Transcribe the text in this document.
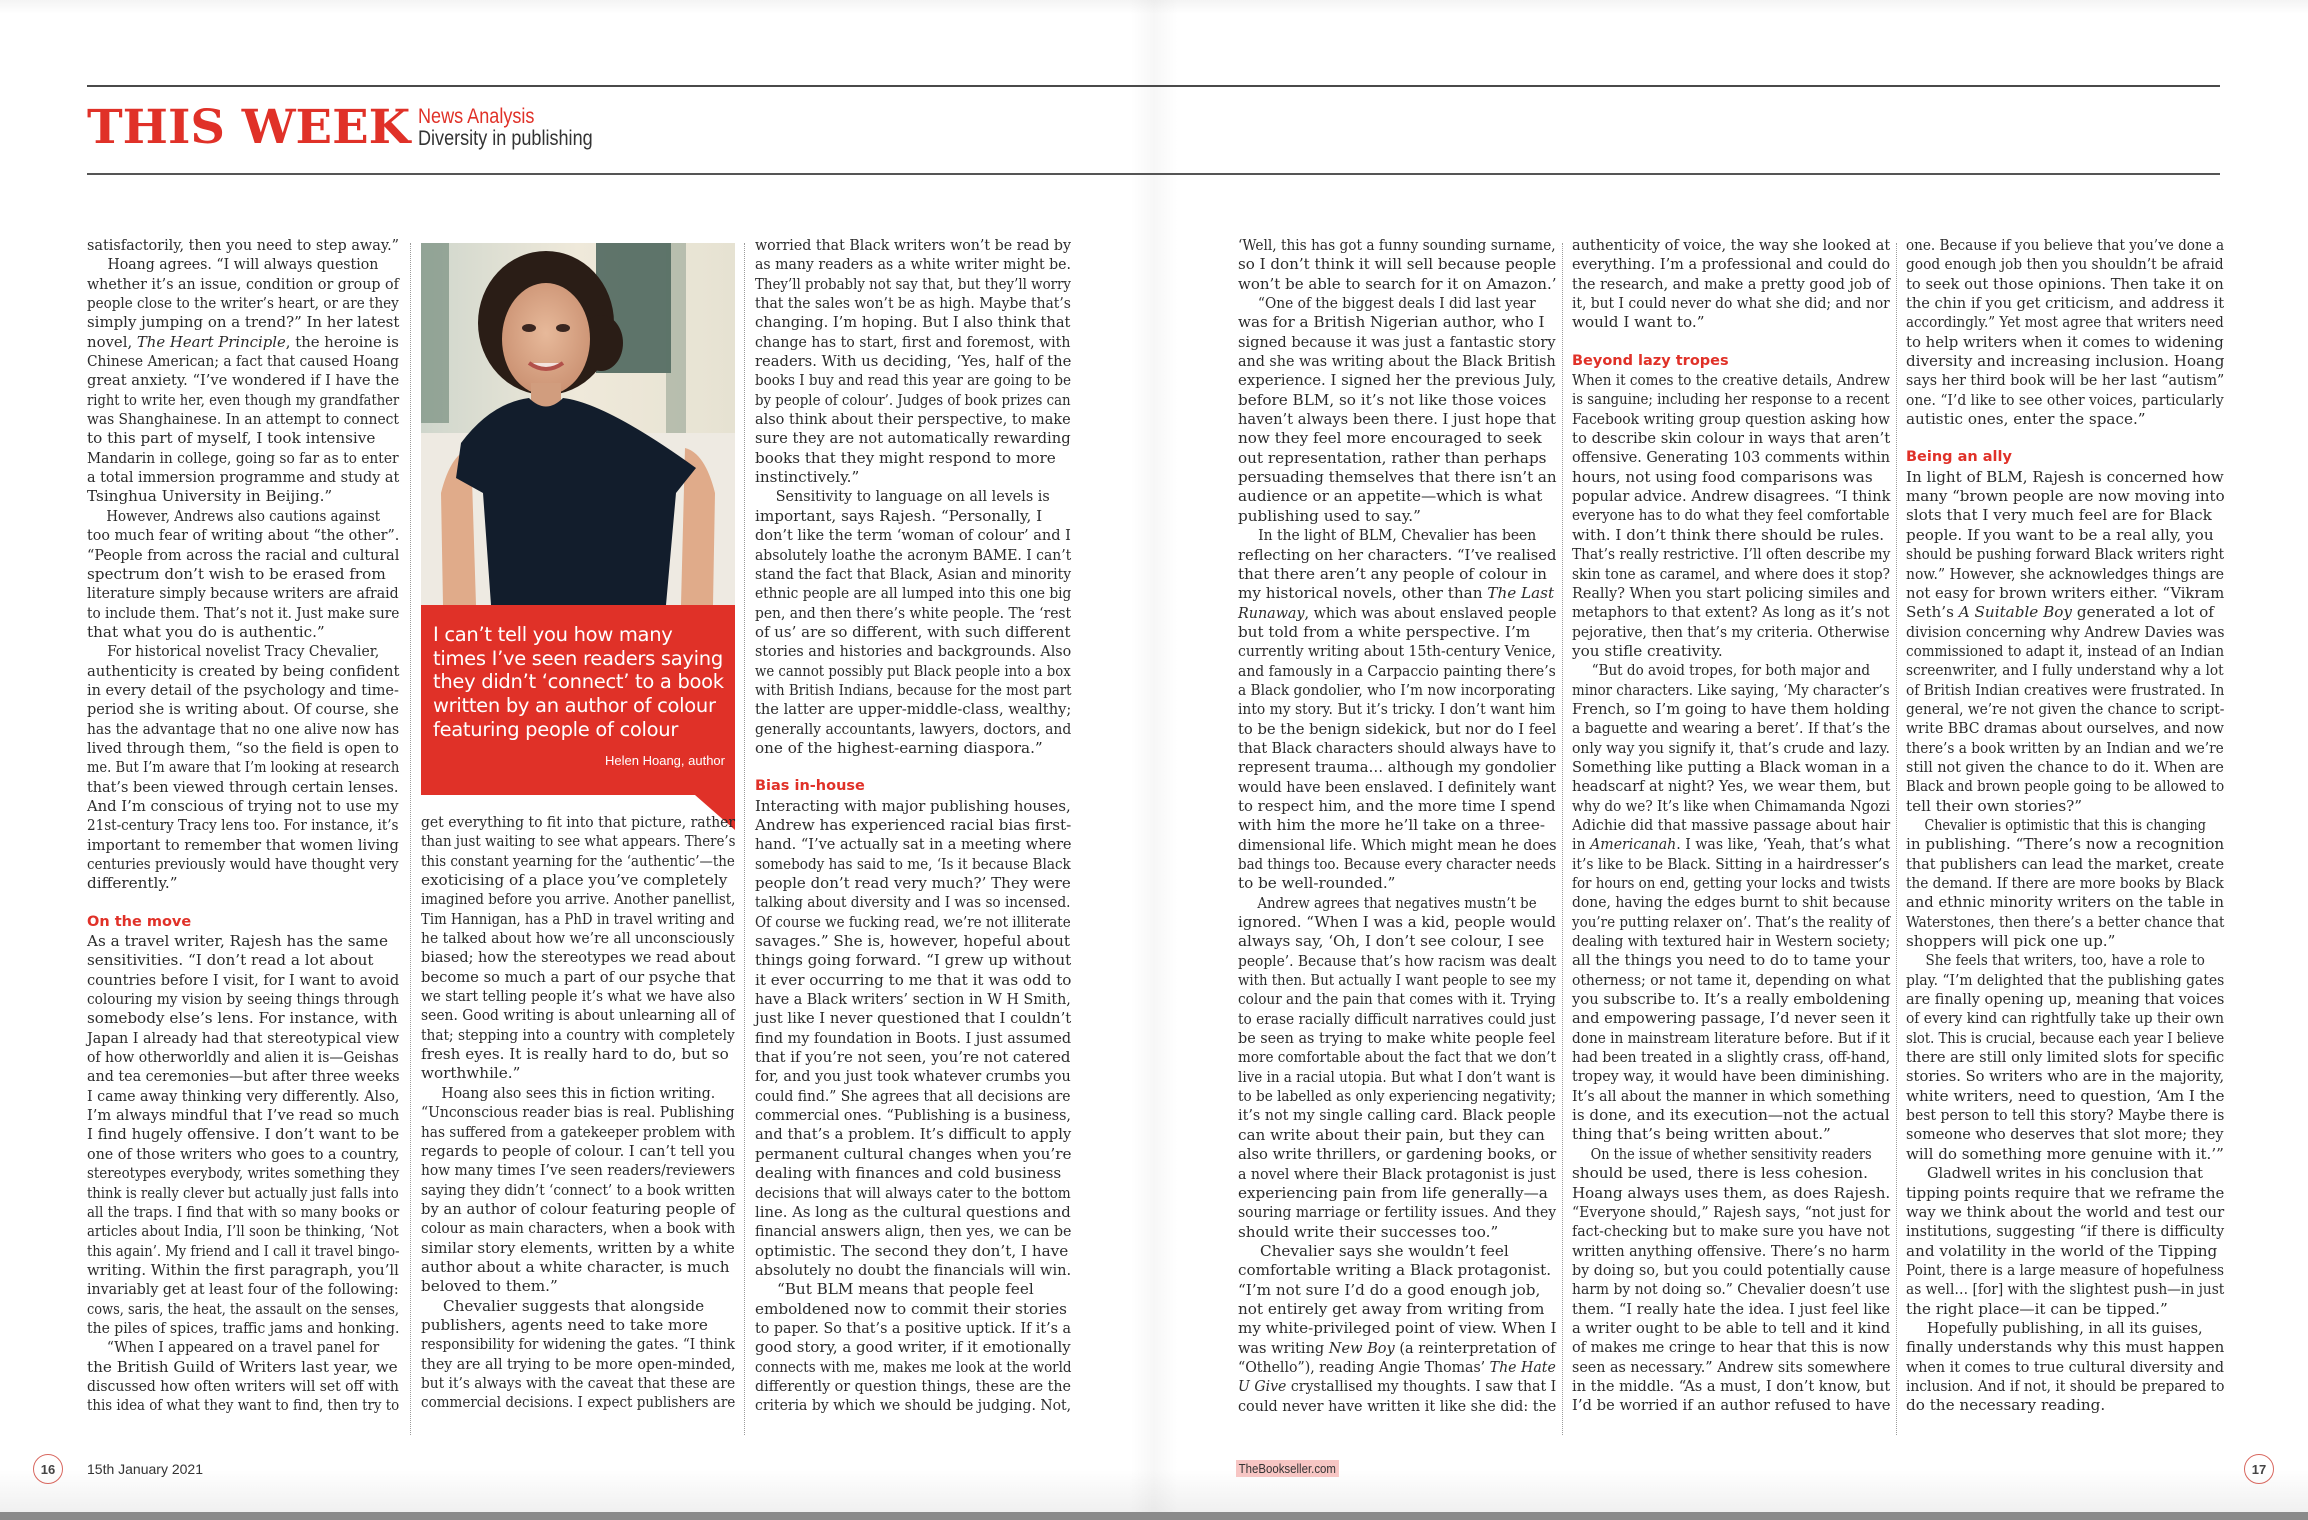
THIS WEEK News Analysis
Diversity in publishing
I can’t tell you how many
times I’ve seen readers saying
they didn’t ‘connect’ to a book
written by an author of colour
featuring people of colour
Helen Hoang, author

satisfactorily, then you need to step away.”

Hoang agrees. “I will always question
whether it’s an issue, condition or group of
people close to the writer’s heart, or are they
simply jumping on a trend?” In her latest
novel, The Heart Principle, the heroine is
Chinese American; a fact that caused Hoang
great anxiety. “I’ve wondered if I have the
right to write her, even though my grandfather
was Shanghainese. In an attempt to connect
to this part of myself, I took intensive
Mandarin in college, going so far as to enter
a total immersion programme and study at
Tsinghua University in Beijing.”

However, Andrews also cautions against
too much fear of writing about “the other”.
“People from across the racial and cultural
spectrum don’t wish to be erased from
literature simply because writers are afraid
to include them. That’s not it. Just make sure
that what you do is authentic.”

For historical novelist Tracy Chevalier,
authenticity is created by being confident
in every detail of the psychology and time-
period she is writing about. Of course, she
has the advantage that no one alive now has
lived through them, “so the field is open to
me. But I’m aware that I’m looking at research
that’s been viewed through certain lenses.
And I’m conscious of trying not to use my
21st-century Tracy lens too. For instance, it’s
important to remember that women living
centuries previously would have thought very
differently.”

On the move

As a travel writer, Rajesh has the same
sensitivities. “I don’t read a lot about
countries before I visit, for I want to avoid
colouring my vision by seeing things through
somebody else’s lens. For instance, with
Japan I already had that stereotypical view
of how otherworldly and alien it is—Geishas
and tea ceremonies—but after three weeks
I came away thinking very differently. Also,
I’m always mindful that I’ve read so much
I find hugely offensive. I don’t want to be
one of those writers who goes to a country,
stereotypes everybody, writes something they
think is really clever but actually just falls into
all the traps. I find that with so many books or
articles about India, I’ll soon be thinking, ‘Not
this again’. My friend and I call it travel bingo-
writing. Within the first paragraph, you’ll
invariably get at least four of the following:
cows, saris, the heat, the assault on the senses,
the piles of spices, traffic jams and honking.

“When I appeared on a travel panel for
the British Guild of Writers last year, we
discussed how often writers will set off with
this idea of what they want to find, then try to

get everything to fit into that picture, rather
than just waiting to see what appears. There’s
this constant yearning for the ‘authentic’—the
exoticising of a place you’ve completely
imagined before you arrive. Another panellist,
Tim Hannigan, has a PhD in travel writing and
he talked about how we’re all unconsciously
biased; how the stereotypes we read about
become so much a part of our psyche that
we start telling people it’s what we have also
seen. Good writing is about unlearning all of
that; stepping into a country with completely
fresh eyes. It is really hard to do, but so
worthwhile.”

Hoang also sees this in fiction writing.
“Unconscious reader bias is real. Publishing
has suffered from a gatekeeper problem with
regards to people of colour. I can’t tell you
how many times I’ve seen readers/reviewers
saying they didn’t ‘connect’ to a book written
by an author of colour featuring people of
colour as main characters, when a book with
similar story elements, written by a white
author about a white character, is much
beloved to them.”

Chevalier suggests that alongside
publishers, agents need to take more
responsibility for widening the gates. “I think
they are all trying to be more open-minded,
but it’s always with the caveat that these are
commercial decisions. I expect publishers are

worried that Black writers won’t be read by
as many readers as a white writer might be.
They’ll probably not say that, but they’ll worry
that the sales won’t be as high. Maybe that’s
changing. I’m hoping. But I also think that
change has to start, first and foremost, with
readers. With us deciding, ‘Yes, half of the
books I buy and read this year are going to be
by people of colour’. Judges of book prizes can
also think about their perspective, to make
sure they are not automatically rewarding
books that they might respond to more
instinctively.”

Sensitivity to language on all levels is
important, says Rajesh. “Personally, I
don’t like the term ‘woman of colour’ and I
absolutely loathe the acronym BAME. I can’t
stand the fact that Black, Asian and minority
ethnic people are all lumped into this one big
pen, and then there’s white people. The ‘rest
of us’ are so different, with such different
stories and histories and backgrounds. Also
we cannot possibly put Black people into a box
with British Indians, because for the most part
the latter are upper-middle-class, wealthy;
generally accountants, lawyers, doctors, and
one of the highest-earning diaspora.”

Bias in-house

Interacting with major publishing houses,
Andrew has experienced racial bias first-
hand. “I’ve actually sat in a meeting where
somebody has said to me, ‘Is it because Black
people don’t read very much?’ They were
talking about diversity and I was so incensed.
Of course we fucking read, we’re not illiterate
savages.” She is, however, hopeful about
things going forward. “I grew up without
it ever occurring to me that it was odd to
have a Black writers’ section in W H Smith,
just like I never questioned that I couldn’t
find my foundation in Boots. I just assumed
that if you’re not seen, you’re not catered
for, and you just took whatever crumbs you
could find.” She agrees that all decisions are
commercial ones. “Publishing is a business,
and that’s a problem. It’s difficult to apply
permanent cultural changes when you’re
dealing with finances and cold business
decisions that will always cater to the bottom
line. As long as the cultural questions and
financial answers align, then yes, we can be
optimistic. The second they don’t, I have
absolutely no doubt the financials will win.

“But BLM means that people feel
emboldened now to commit their stories
to paper. So that’s a positive uptick. If it’s a
good story, a good writer, if it emotionally
connects with me, makes me look at the world
differently or question things, these are the
criteria by which we should be judging. Not,

‘Well, this has got a funny sounding surname,
so I don’t think it will sell because people
won’t be able to search for it on Amazon.’

“One of the biggest deals I did last year
was for a British Nigerian author, who I
signed because it was just a fantastic story
and she was writing about the Black British
experience. I signed her the previous July,
before BLM, so it’s not like those voices
haven’t always been there. I just hope that
now they feel more encouraged to seek
out representation, rather than perhaps
persuading themselves that there isn’t an
audience or an appetite—which is what
publishing used to say.”

In the light of BLM, Chevalier has been
reflecting on her characters. “I’ve realised
that there aren’t any people of colour in
my historical novels, other than The Last
Runaway, which was about enslaved people
but told from a white perspective. I’m
currently writing about 15th-century Venice,
and famously in a Carpaccio painting there’s
a Black gondolier, who I’m now incorporating
into my story. But it’s tricky. I don’t want him
to be the benign sidekick, but nor do I feel
that Black characters should always have to
represent trauma… although my gondolier
would have been enslaved. I definitely want
to respect him, and the more time I spend
with him the more he’ll take on a three-
dimensional life. Which might mean he does
bad things too. Because every character needs
to be well-rounded.”

Andrew agrees that negatives mustn’t be
ignored. “When I was a kid, people would
always say, ‘Oh, I don’t see colour, I see
people’. Because that’s how racism was dealt
with then. But actually I want people to see my
colour and the pain that comes with it. Trying
to erase racially difficult narratives could just
be seen as trying to make white people feel
more comfortable about the fact that we don’t
live in a racial utopia. But what I don’t want is
to be labelled as only experiencing negativity;
it’s not my single calling card. Black people
can write about their pain, but they can
also write thrillers, or gardening books, or
a novel where their Black protagonist is just
experiencing pain from life generally—a
souring marriage or fertility issues. And they
should write their successes too.”

Chevalier says she wouldn’t feel
comfortable writing a Black protagonist.
“I’m not sure I’d do a good enough job,
not entirely get away from writing from
my white-privileged point of view. When I
was writing New Boy (a reinterpretation of
“Othello”), reading Angie Thomas’ The Hate
U Give crystallised my thoughts. I saw that I
could never have written it like she did: the

authenticity of voice, the way she looked at
everything. I’m a professional and could do
the research, and make a pretty good job of
it, but I could never do what she did; and nor
would I want to.”

Beyond lazy tropes

When it comes to the creative details, Andrew
is sanguine; including her response to a recent
Facebook writing group question asking how
to describe skin colour in ways that aren’t
offensive. Generating 103 comments within
hours, not using food comparisons was
popular advice. Andrew disagrees. “I think
everyone has to do what they feel comfortable
with. I don’t think there should be rules.
That’s really restrictive. I’ll often describe my
skin tone as caramel, and where does it stop?
Really? When you start policing similes and
metaphors to that extent? As long as it’s not
pejorative, then that’s my criteria. Otherwise
you stifle creativity.

“But do avoid tropes, for both major and
minor characters. Like saying, ‘My character’s
French, so I’m going to have them holding
a baguette and wearing a beret’. If that’s the
only way you signify it, that’s crude and lazy.
Something like putting a Black woman in a
headscarf at night? Yes, we wear them, but
why do we? It’s like when Chimamanda Ngozi
Adichie did that massive passage about hair
in Americanah. I was like, ‘Yeah, that’s what
it’s like to be Black. Sitting in a hairdresser’s
for hours on end, getting your locks and twists
done, having the edges burnt to shit because
you’re putting relaxer on’. That’s the reality of
dealing with textured hair in Western society;
all the things you need to do to tame your
otherness; or not tame it, depending on what
you subscribe to. It’s a really emboldening
and empowering passage, I’d never seen it
done in mainstream literature before. But if it
had been treated in a slightly crass, off-hand,
tropey way, it would have been diminishing.
It’s all about the manner in which something
is done, and its execution—not the actual
thing that’s being written about.”

On the issue of whether sensitivity readers
should be used, there is less cohesion.
Hoang always uses them, as does Rajesh.
“Everyone should,” Rajesh says, “not just for
fact-checking but to make sure you have not
written anything offensive. There’s no harm
by doing so, but you could potentially cause
harm by not doing so.” Chevalier doesn’t use
them. “I really hate the idea. I just feel like
a writer ought to be able to tell and it kind
of makes me cringe to hear that this is now
seen as necessary.” Andrew sits somewhere
in the middle. “As a must, I don’t know, but
I’d be worried if an author refused to have

one. Because if you believe that you’ve done a
good enough job then you shouldn’t be afraid
to seek out those opinions. Then take it on
the chin if you get criticism, and address it
accordingly.” Yet most agree that writers need
to help writers when it comes to widening
diversity and increasing inclusion. Hoang
says her third book will be her last “autism”
one. “I’d like to see other voices, particularly
autistic ones, enter the space.”

Being an ally

In light of BLM, Rajesh is concerned how
many “brown people are now moving into
slots that I very much feel are for Black
people. If you want to be a real ally, you
should be pushing forward Black writers right
now.” However, she acknowledges things are
not easy for brown writers either. “Vikram
Seth’s A Suitable Boy generated a lot of
division concerning why Andrew Davies was
commissioned to adapt it, instead of an Indian
screenwriter, and I fully understand why a lot
of British Indian creatives were frustrated. In
general, we’re not given the chance to script-
write BBC dramas about ourselves, and now
there’s a book written by an Indian and we’re
still not given the chance to do it. When are
Black and brown people going to be allowed to
tell their own stories?”

Chevalier is optimistic that this is changing
in publishing. “There’s now a recognition
that publishers can lead the market, create
the demand. If there are more books by Black
and ethnic minority writers on the table in
Waterstones, then there’s a better chance that
shoppers will pick one up.”

She feels that writers, too, have a role to
play. “I’m delighted that the publishing gates
are finally opening up, meaning that voices
of every kind can rightfully take up their own
slot. This is crucial, because each year I believe
there are still only limited slots for specific
stories. So writers who are in the majority,
white writers, need to question, ‘Am I the
best person to tell this story? Maybe there is
someone who deserves that slot more; they
will do something more genuine with it.’”

Gladwell writes in his conclusion that
tipping points require that we reframe the
way we think about the world and test our
institutions, suggesting “if there is difficulty
and volatility in the world of the Tipping
Point, there is a large measure of hopefulness
as well… [for] with the slightest push—in just
the right place—it can be tipped.”

Hopefully publishing, in all its guises,
finally understands why this must happen
when it comes to true cultural diversity and
inclusion. And if not, it should be prepared to
do the necessary reading.

16	15th January 2021	TheBookseller.com	17
